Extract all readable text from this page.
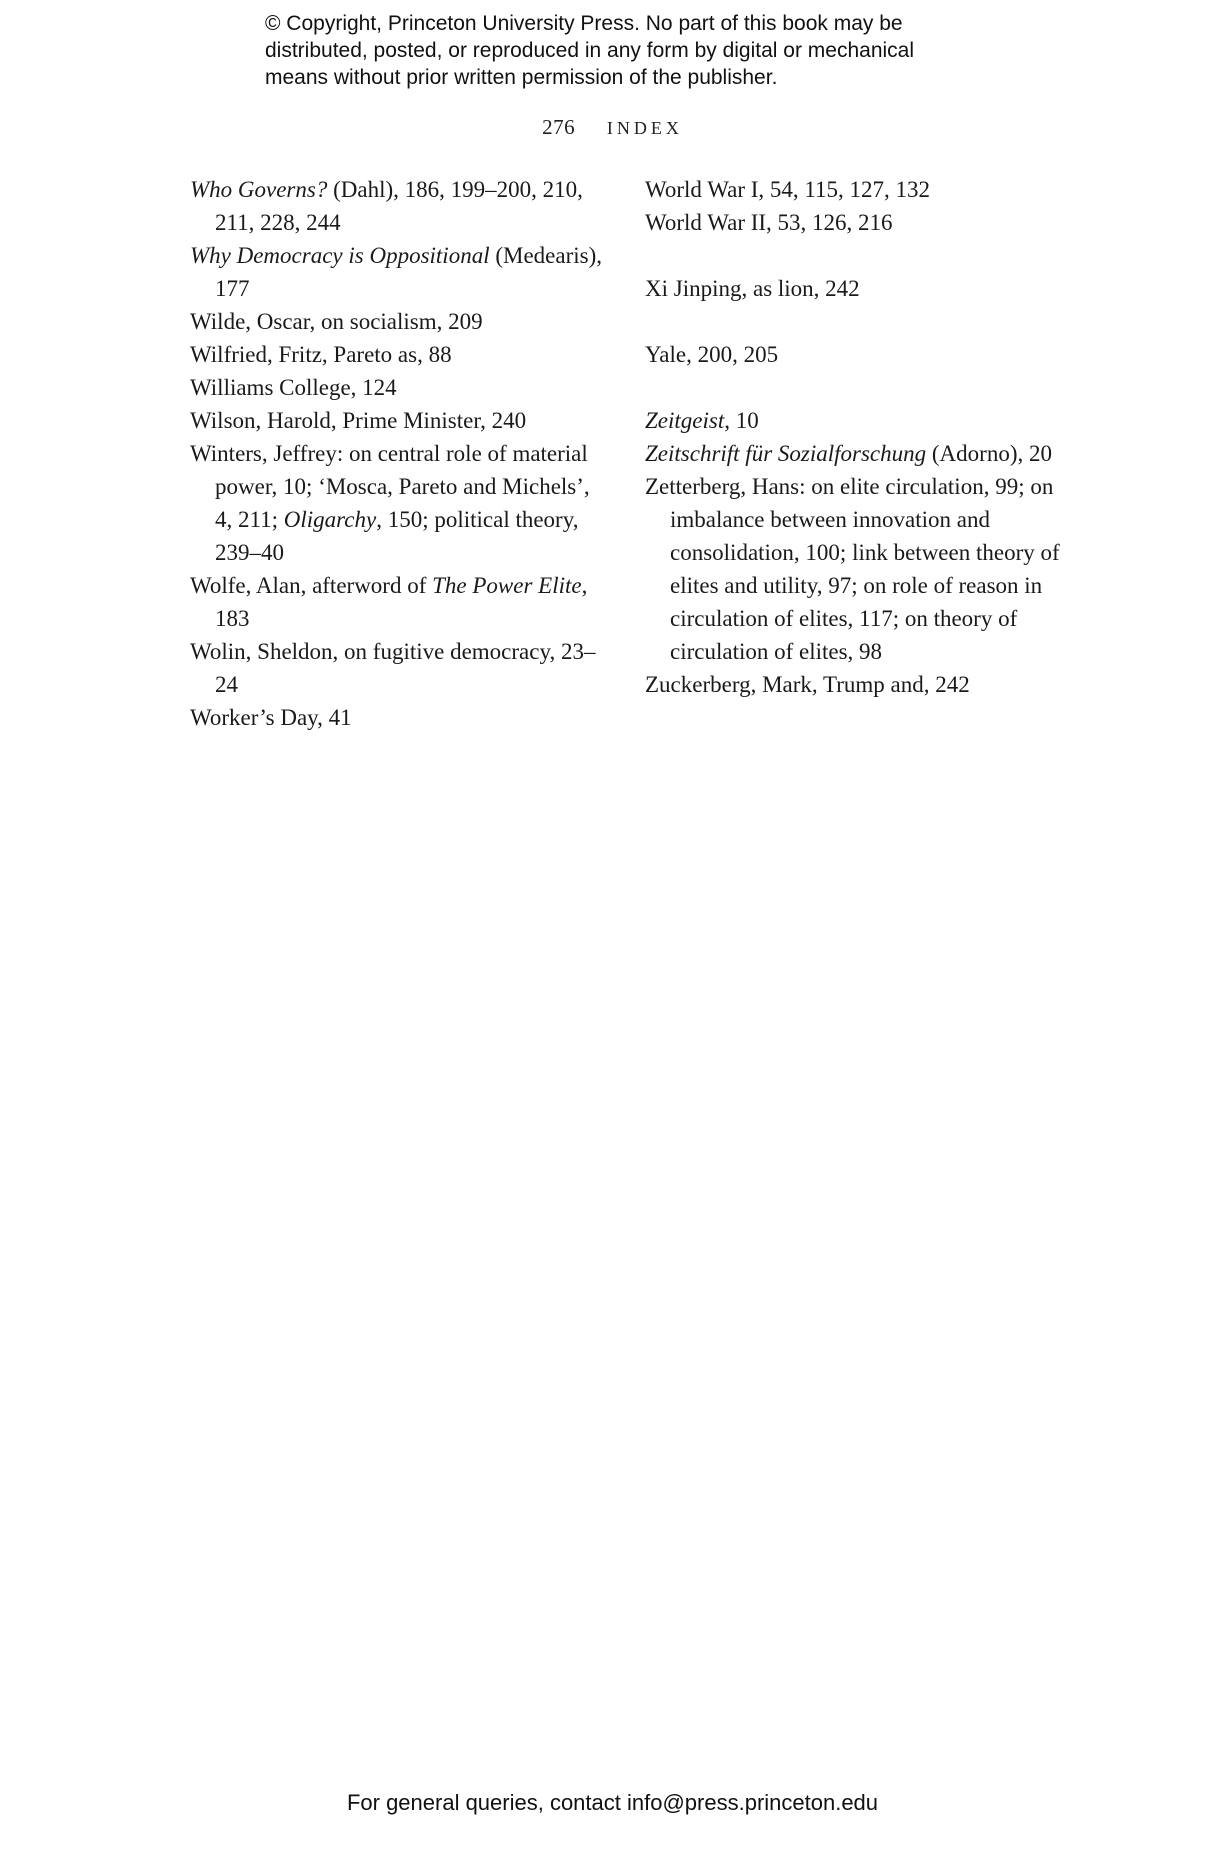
© Copyright, Princeton University Press. No part of this book may be
distributed, posted, or reproduced in any form by digital or mechanical
means without prior written permission of the publisher.
276 INDEX

Who Governs? (Dahl), 186, 199–200, 210, 211, 228, 244

Why Democracy is Oppositional (Medearis), 177

Wilde, Oscar, on socialism, 209

Wilfried, Fritz, Pareto as, 88

Williams College, 124

Wilson, Harold, Prime Minister, 240

Winters, Jeffrey: on central role of material power, 10; ‘Mosca, Pareto and Michels’, 4, 211; Oligarchy, 150; political theory, 239–40

Wolfe, Alan, afterword of The Power Elite, 183

Wolin, Sheldon, on fugitive democracy, 23–24

Worker’s Day, 41

World War I, 54, 115, 127, 132

World War II, 53, 126, 216

Xi Jinping, as lion, 242

Yale, 200, 205

Zeitgeist, 10

Zeitschrift für Sozialforschung (Adorno), 20

Zetterberg, Hans: on elite circulation, 99; on imbalance between innovation and consolidation, 100; link between theory of elites and utility, 97; on role of reason in circulation of elites, 117; on theory of circulation of elites, 98

Zuckerberg, Mark, Trump and, 242

For general queries, contact info@press.princeton.edu
